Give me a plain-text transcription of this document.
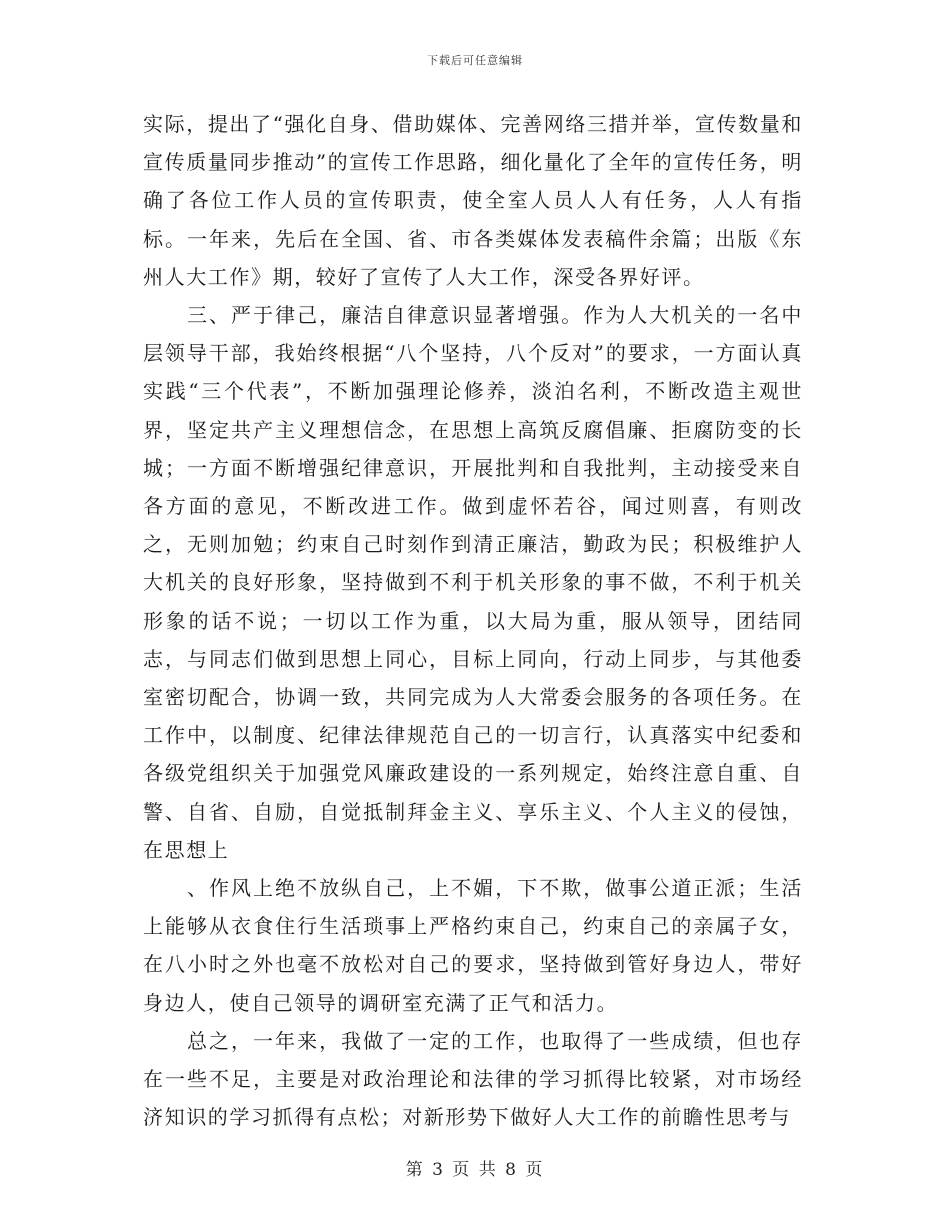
下载后可任意编辑

实际，提出了“强化自身、借助媒体、完善网络三措并举，宣传数量和宣传质量同步推动”的宣传工作思路，细化量化了全年的宣传任务，明确了各位工作人员的宣传职责，使全室人员人人有任务，人人有指标。一年来，先后在全国、省、市各类媒体发表稿件余篇；出版《东州人大工作》期，较好了宣传了人大工作，深受各界好评。

三、严于律己，廉洁自律意识显著增强。作为人大机关的一名中层领导干部，我始终根据“八个坚持，八个反对”的要求，一方面认真实践“三个代表”，不断加强理论修养，淡泊名利，不断改造主观世界，坚定共产主义理想信念，在思想上高筑反腐倡廉、拒腐防变的长城；一方面不断增强纪律意识，开展批判和自我批判，主动接受来自各方面的意见，不断改进工作。做到虚怀若谷，闻过则喜，有则改之，无则加勉；约束自己时刻作到清正廉洁，勤政为民；积极维护人大机关的良好形象，坚持做到不利于机关形象的事不做，不利于机关形象的话不说；一切以工作为重，以大局为重，服从领导，团结同志，与同志们做到思想上同心，目标上同向，行动上同步，与其他委室密切配合，协调一致，共同完成为人大常委会服务的各项任务。在工作中，以制度、纪律法律规范自己的一切言行，认真落实中纪委和各级党组织关于加强党风廉政建设的一系列规定，始终注意自重、自警、自省、自励，自觉抵制拜金主义、享乐主义、个人主义的侵蚀，在思想上

、作风上绝不放纵自己，上不媚，下不欺，做事公道正派；生活上能够从衣食住行生活琐事上严格约束自己，约束自己的亲属子女，在八小时之外也毫不放松对自己的要求，坚持做到管好身边人，带好身边人，使自己领导的调研室充满了正气和活力。

总之，一年来，我做了一定的工作，也取得了一些成绩，但也存在一些不足，主要是对政治理论和法律的学习抓得比较紧，对市场经济知识的学习抓得有点松；对新形势下做好人大工作的前瞻性思考与

第 3 页 共 8 页
